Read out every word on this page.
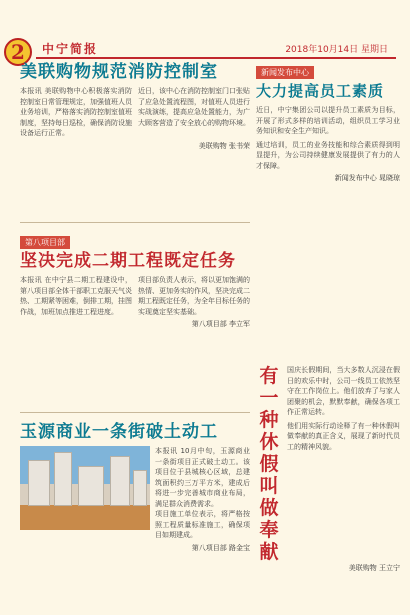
2	中宁简报	2018年10月14日 星期日
美联购物规范消防控制室
本报讯 美联购物中心积极落实消防控制室日常管理规定，加强值班人员业务培训，严格落实消防控制室值班制度，坚持每日巡检，确保消防设施设备运行正常。
近日，该中心在消防控制室门口张贴了应急处置流程图，对值班人员进行实战演练，提高应急处置能力，为广大顾客营造了安全放心的购物环境。
美联购物 张书荣
第八项目部
坚决完成二期工程既定任务
本报讯 在中宁县二期工程建设中，第八项目部全体干部职工克服天气炎热、工期紧等困难，倒排工期，挂图作战，加班加点推进工程进度。
项目部负责人表示，将以更加饱满的热情、更加务实的作风，坚决完成二期工程既定任务，为全年目标任务的实现奠定坚实基础。
第八项目部 李立军
玉源商业一条街破土动工
本报讯 10月中旬，玉源商业一条街项目正式破土动工。该项目位于县城核心区域，总建筑面积约三万平方米，建成后将进一步完善城市商业布局，满足群众消费需求。
项目施工单位表示，将严格按照工程质量标准施工，确保项目如期建成。
第八项目部 路金宝
新闻发布中心
大力提高员工素质
近日，中宁集团公司以提升员工素质为目标，开展了形式多样的培训活动，组织员工学习业务知识和安全生产知识。
通过培训，员工的业务技能和综合素质得到明显提升，为公司持续健康发展提供了有力的人才保障。
新闻发布中心 晁晓琼
有一种休假叫做奉献
国庆长假期间，当大多数人沉浸在假日的欢乐中时，公司一线员工依然坚守在工作岗位上。他们放弃了与家人团聚的机会，默默奉献，确保各项工作正常运转。
他们用实际行动诠释了有一种休假叫做奉献的真正含义，展现了新时代员工的精神风貌。
美联购物 王立宁
